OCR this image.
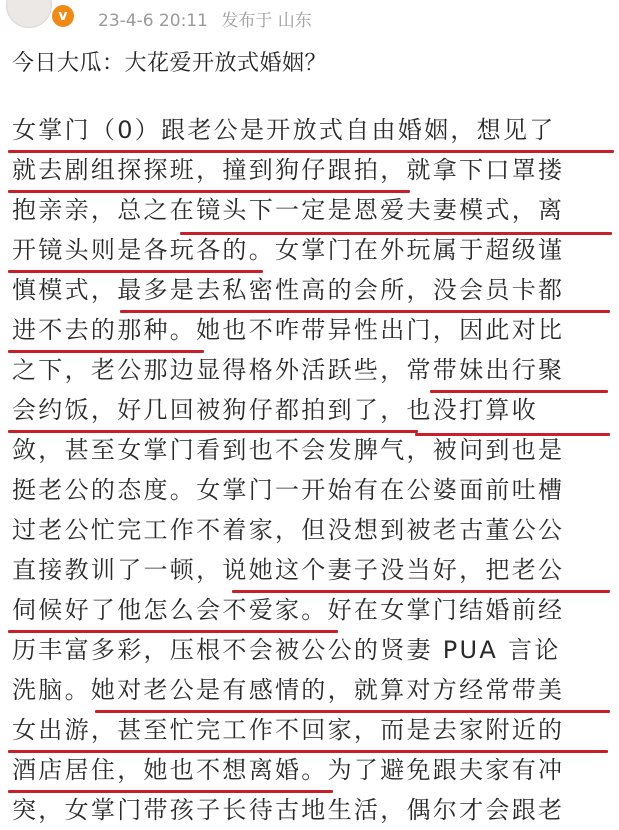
v	23-4-6 20:11 发布于 山东
今日大瓜：大花爱开放式婚姻？
女掌门（0）跟老公是开放式自由婚姻，想见了
就去剧组探探班，撞到狗仔跟拍，就拿下口罩搂
抱亲亲，总之在镜头下一定是恩爱夫妻模式，离
开镜头则是各玩各的。女掌门在外玩属于超级谨
慎模式，最多是去私密性高的会所，没会员卡都
进不去的那种。她也不咋带异性出门，因此对比
之下，老公那边显得格外活跃些，常带妹出行聚
会约饭，好几回被狗仔都拍到了，也没打算收
敛，甚至女掌门看到也不会发脾气，被问到也是
挺老公的态度。女掌门一开始有在公婆面前吐槽
过老公忙完工作不着家，但没想到被老古董公公
直接教训了一顿，说她这个妻子没当好，把老公
伺候好了他怎么会不爱家。好在女掌门结婚前经
历丰富多彩，压根不会被公公的贤妻 PUA 言论
洗脑。她对老公是有感情的，就算对方经常带美
女出游，甚至忙完工作不回家，而是去家附近的
酒店居住，她也不想离婚。为了避免跟夫家有冲
突，女掌门带孩子长待古地生活，偶尔才会跟老
